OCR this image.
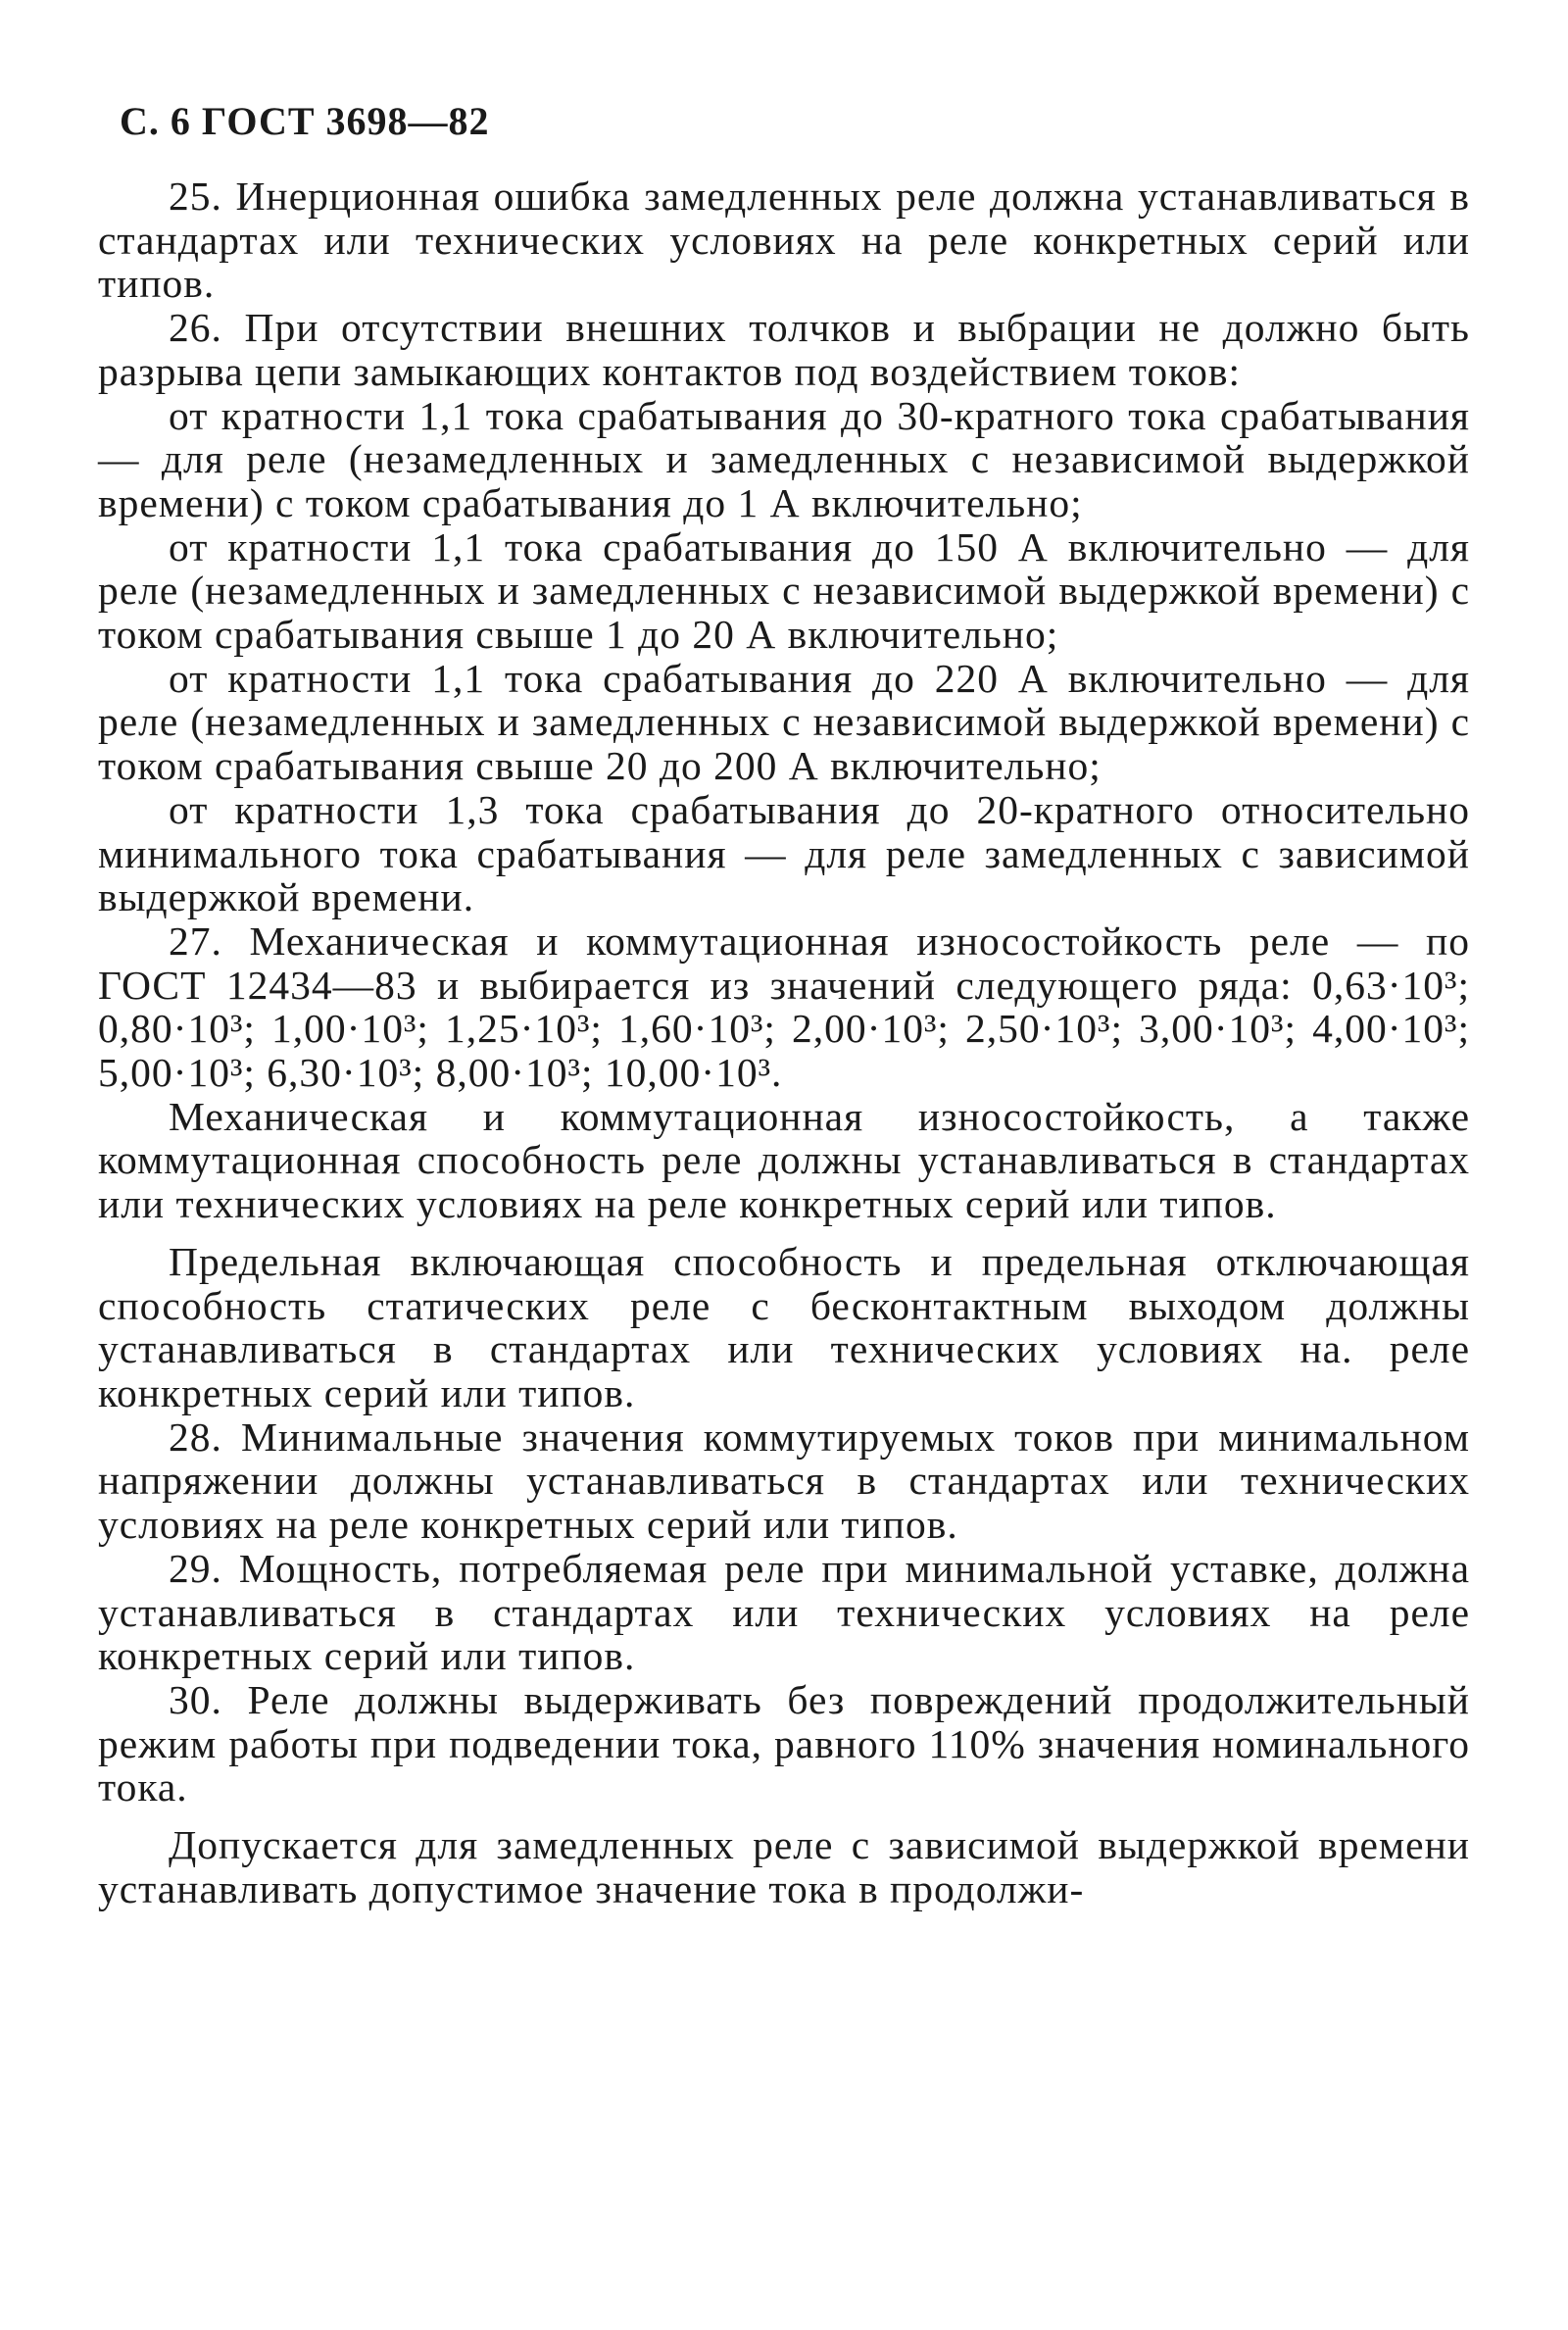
С. 6 ГОСТ 3698—82

25. Инерционная ошибка замедленных реле должна устанавливаться в стандартах или технических условиях на реле конкретных серий или типов.

26. При отсутствии внешних толчков и выбрации не должно быть разрыва цепи замыкающих контактов под воздействием токов:

от кратности 1,1 тока срабатывания до 30-кратного тока срабатывания — для реле (незамедленных и замедленных с независимой выдержкой времени) с током срабатывания до 1 А включительно;

от кратности 1,1 тока срабатывания до 150 А включительно — для реле (незамедленных и замедленных с независимой выдержкой времени) с током срабатывания свыше 1 до 20 А включительно;

от кратности 1,1 тока срабатывания до 220 А включительно — для реле (незамедленных и замедленных с независимой выдержкой времени) с током срабатывания свыше 20 до 200 А включительно;

от кратности 1,3 тока срабатывания до 20-кратного относительно минимального тока срабатывания — для реле замедленных с зависимой выдержкой времени.

27. Механическая и коммутационная износостойкость реле — по ГОСТ 12434—83 и выбирается из значений следующего ряда: 0,63·10³; 0,80·10³; 1,00·10³; 1,25·10³; 1,60·10³; 2,00·10³; 2,50·10³; 3,00·10³; 4,00·10³; 5,00·10³; 6,30·10³; 8,00·10³; 10,00·10³.

Механическая и коммутационная износостойкость, а также коммутационная способность реле должны устанавливаться в стандартах или технических условиях на реле конкретных серий или типов.

Предельная включающая способность и предельная отключающая способность статических реле с бесконтактным выходом должны устанавливаться в стандартах или технических условиях на. реле конкретных серий или типов.

28. Минимальные значения коммутируемых токов при минимальном напряжении должны устанавливаться в стандартах или технических условиях на реле конкретных серий или типов.

29. Мощность, потребляемая реле при минимальной уставке, должна устанавливаться в стандартах или технических условиях на реле конкретных серий или типов.

30. Реле должны выдерживать без повреждений продолжительный режим работы при подведении тока, равного 110% значения номинального тока.

Допускается для замедленных реле с зависимой выдержкой времени устанавливать допустимое значение тока в продолжи-
